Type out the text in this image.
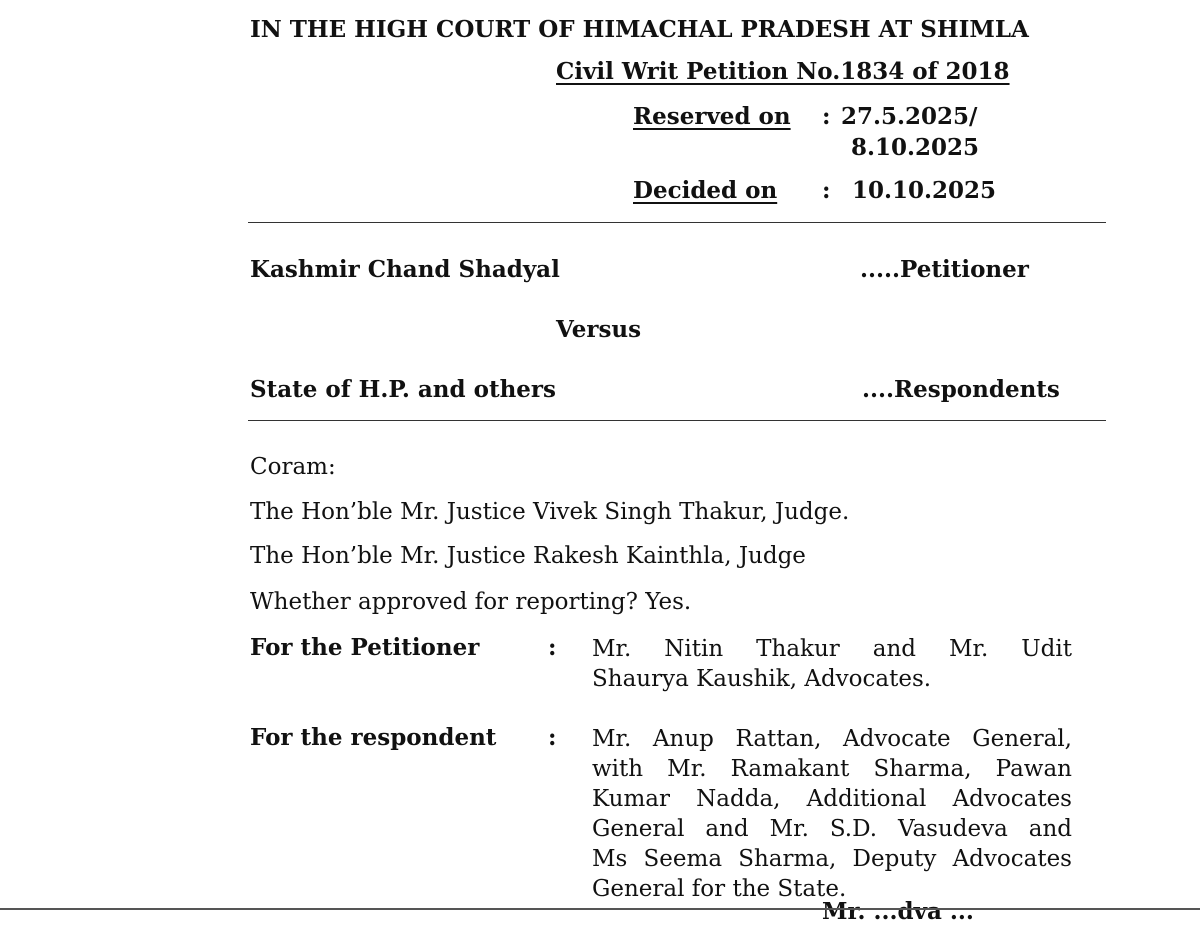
IN THE HIGH COURT OF HIMACHAL PRADESH AT SHIMLA
Civil Writ Petition No.1834 of 2018
Reserved on : 27.5.2025/
8.10.2025
Decided on : 10.10.2025
Kashmir Chand Shadyal	.....Petitioner
Versus
State of H.P. and others	....Respondents
Coram:
The Hon’ble Mr. Justice Vivek Singh Thakur, Judge.
The Hon’ble Mr. Justice Rakesh Kainthla, Judge
Whether approved for reporting? Yes.
For the Petitioner	: Mr. Nitin Thakur and Mr. Udit
Shaurya Kaushik, Advocates.
For the respondent : Mr. Anup Rattan, Advocate General,
with Mr. Ramakant Sharma, Pawan
Kumar Nadda, Additional Advocates
General and Mr. S.D. Vasudeva and
Ms Seema Sharma, Deputy Advocates
General for the State.
Mr. ...dva ...
